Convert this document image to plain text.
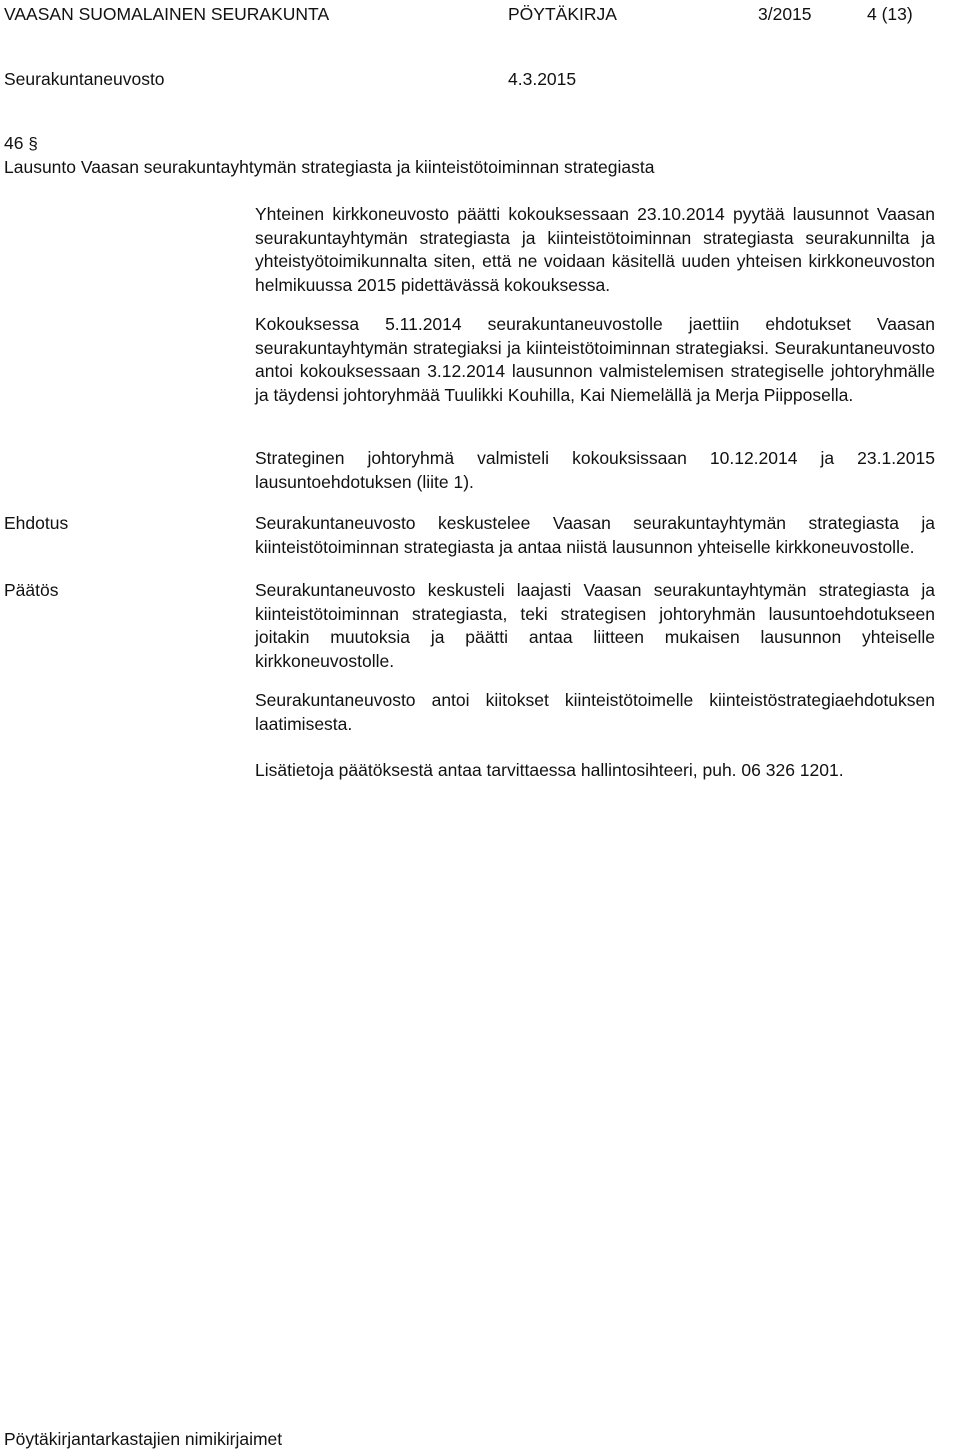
VAASAN SUOMALAINEN SEURAKUNTA	PÖYTÄKIRJA	3/2015	4 (13)
Seurakuntaneuvosto	4.3.2015
46 §
Lausunto Vaasan seurakuntayhtymän strategiasta ja kiinteistötoiminnan strategiasta
Yhteinen kirkkoneuvosto päätti kokouksessaan 23.10.2014 pyytää lausunnot Vaasan seurakuntayhtymän strategiasta ja kiinteistötoiminnan strategiasta seurakunnilta ja yhteistyötoimikunnalta siten, että ne voidaan käsitellä uuden yhteisen kirkkoneuvoston helmikuussa 2015 pidettävässä kokouksessa.
Kokouksessa 5.11.2014 seurakuntaneuvostolle jaettiin ehdotukset Vaasan seurakuntayhtymän strategiaksi ja kiinteistötoiminnan strategiaksi. Seurakuntaneuvosto antoi kokouksessaan 3.12.2014 lausunnon valmistelemisen strategiselle johtoryhmälle ja täydensi johtoryhmää Tuulikki Kouhilla, Kai Niemelällä ja Merja Piipposella.
Strateginen johtoryhmä valmisteli kokouksissaan 10.12.2014 ja 23.1.2015 lausuntoehdotuksen (liite 1).
Ehdotus	Seurakuntaneuvosto keskustelee Vaasan seurakuntayhtymän strategiasta ja kiinteistötoiminnan strategiasta ja antaa niistä lausunnon yhteiselle kirkkoneuvostolle.
Päätös	Seurakuntaneuvosto keskusteli laajasti Vaasan seurakuntayhtymän strategiasta ja kiinteistötoiminnan strategiasta, teki strategisen johtoryhmän lausuntoehdotukseen joitakin muutoksia ja päätti antaa liitteen mukaisen lausunnon yhteiselle kirkkoneuvostolle.
Seurakuntaneuvosto antoi kiitokset kiinteistötoimelle kiinteistöstrategiaehdotuksen laatimisesta.
Lisätietoja päätöksestä antaa tarvittaessa hallintosihteeri, puh. 06 326 1201.
Pöytäkirjantarkastajien nimikirjaimet
